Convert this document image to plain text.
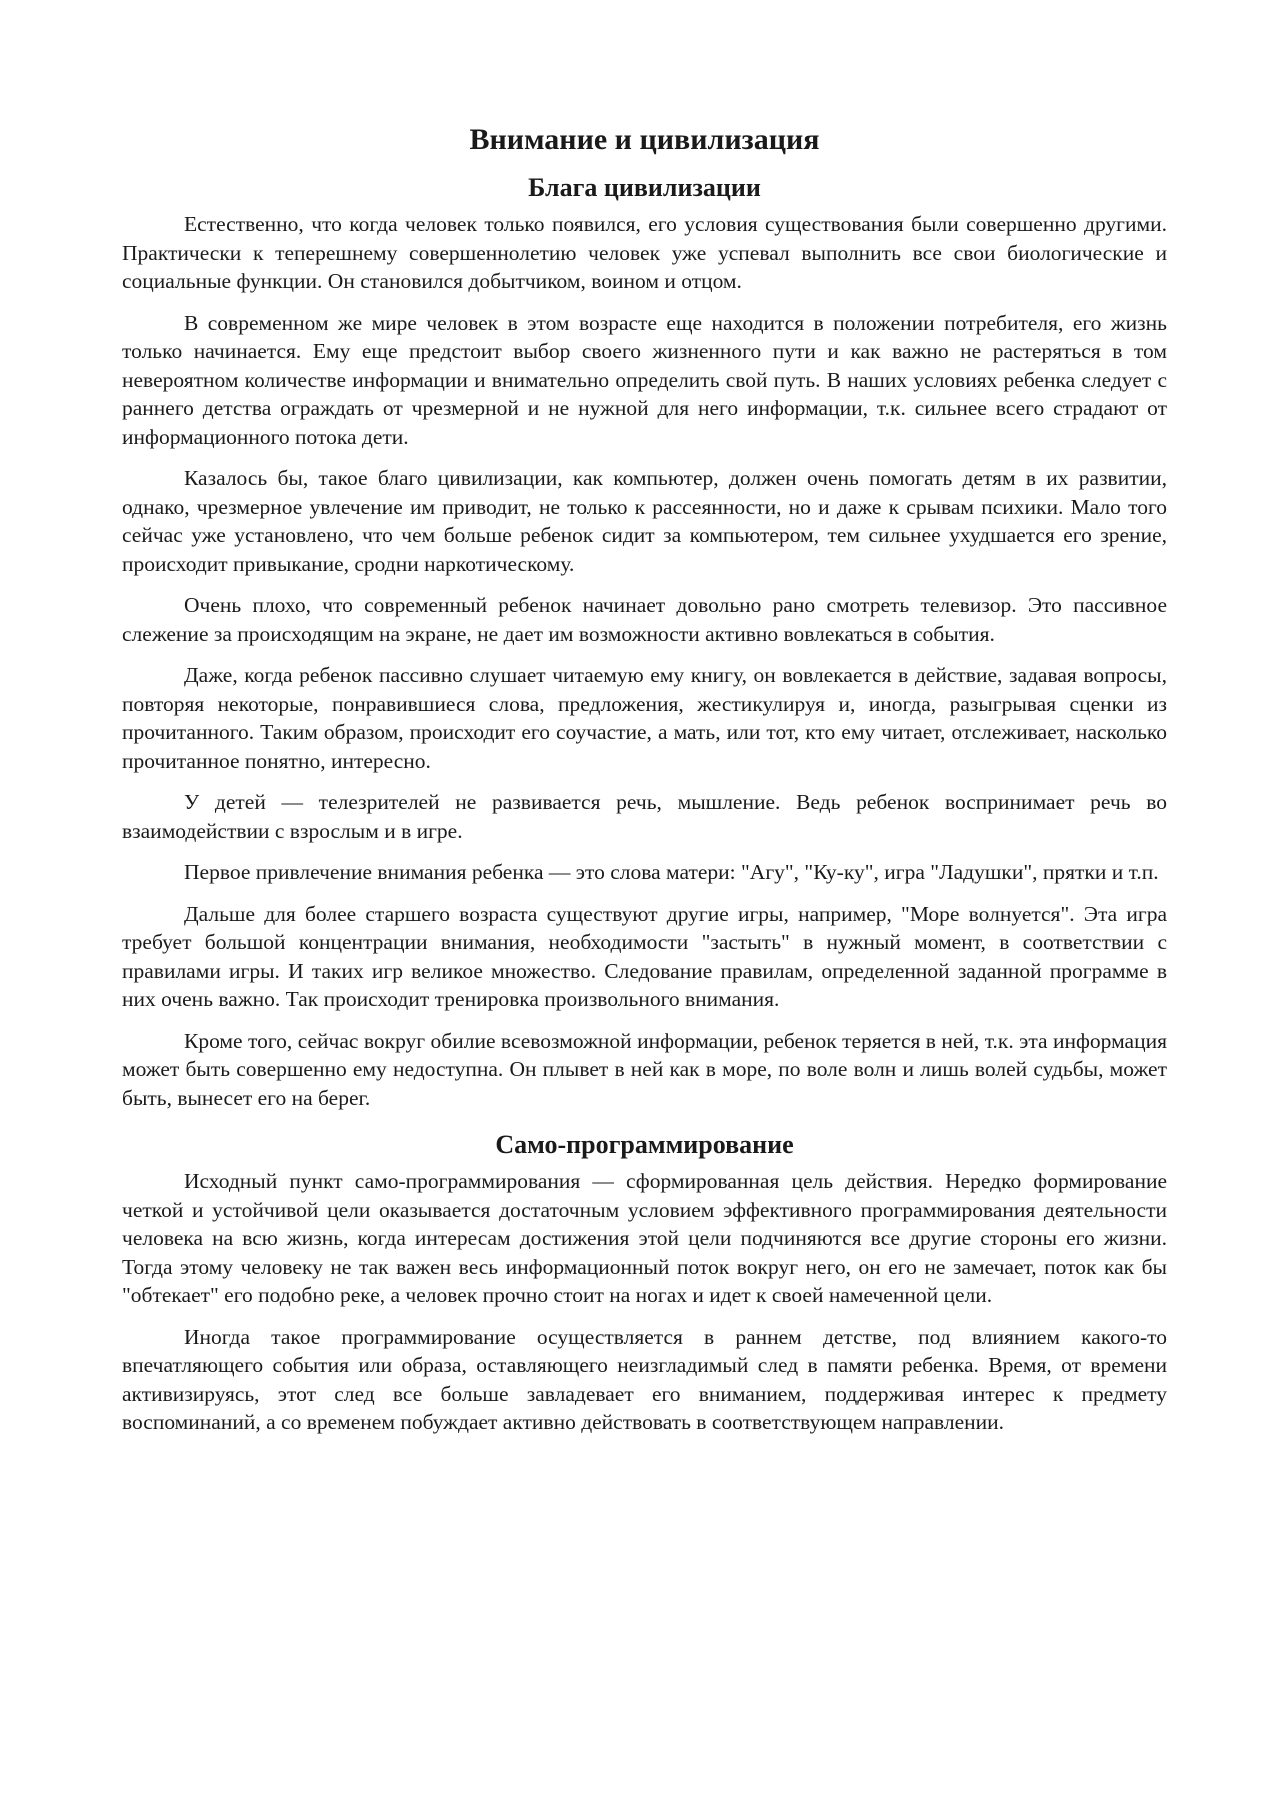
Внимание и цивилизация
Блага цивилизации

Естественно, что когда человек только появился, его условия существования были совершенно другими. Практически к теперешнему совершеннолетию человек уже успевал выполнить все свои биологические и социальные функции. Он становился добытчиком, воином и отцом.

В современном же мире человек в этом возрасте еще находится в положении потребителя, его жизнь только начинается. Ему еще предстоит выбор своего жизненного пути и как важно не растеряться в том невероятном количестве информации и внимательно определить свой путь. В наших условиях ребенка следует с раннего детства ограждать от чрезмерной и не нужной для него информации, т.к. сильнее всего страдают от информационного потока дети.

Казалось бы, такое благо цивилизации, как компьютер, должен очень помогать детям в их развитии, однако, чрезмерное увлечение им приводит, не только к рассеянности, но и даже к срывам психики. Мало того сейчас уже установлено, что чем больше ребенок сидит за компьютером, тем сильнее ухудшается его зрение, происходит привыкание, сродни наркотическому.

Очень плохо, что современный ребенок начинает довольно рано смотреть телевизор. Это пассивное слежение за происходящим на экране, не дает им возможности активно вовлекаться в события.

Даже, когда ребенок пассивно слушает читаемую ему книгу, он вовлекается в действие, задавая вопросы, повторяя некоторые, понравившиеся слова, предложения, жестикулируя и, иногда, разыгрывая сценки из прочитанного. Таким образом, происходит его соучастие, а мать, или тот, кто ему читает, отслеживает, насколько прочитанное понятно, интересно.

У детей — телезрителей не развивается речь, мышление. Ведь ребенок воспринимает речь во взаимодействии с взрослым и в игре.

Первое привлечение внимания ребенка — это слова матери: "Агу", "Ку-ку", игра "Ладушки", прятки и т.п.

Дальше для более старшего возраста существуют другие игры, например, "Море волнуется". Эта игра требует большой концентрации внимания, необходимости "застыть" в нужный момент, в соответствии с правилами игры. И таких игр великое множество. Следование правилам, определенной заданной программе в них очень важно. Так происходит тренировка произвольного внимания.

Кроме того, сейчас вокруг обилие всевозможной информации, ребенок теряется в ней, т.к. эта информация может быть совершенно ему недоступна. Он плывет в ней как в море, по воле волн и лишь волей судьбы, может быть, вынесет его на берег.

Само-программирование

Исходный пункт само-программирования — сформированная цель действия. Нередко формирование четкой и устойчивой цели оказывается достаточным условием эффективного программирования деятельности человека на всю жизнь, когда интересам достижения этой цели подчиняются все другие стороны его жизни. Тогда этому человеку не так важен весь информационный поток вокруг него, он его не замечает, поток как бы "обтекает" его подобно реке, а человек прочно стоит на ногах и идет к своей намеченной цели.

Иногда такое программирование осуществляется в раннем детстве, под влиянием какого-то впечатляющего события или образа, оставляющего неизгладимый след в памяти ребенка. Время, от времени активизируясь, этот след все больше завладевает его вниманием, поддерживая интерес к предмету воспоминаний, а со временем побуждает активно действовать в соответствующем направлении.
